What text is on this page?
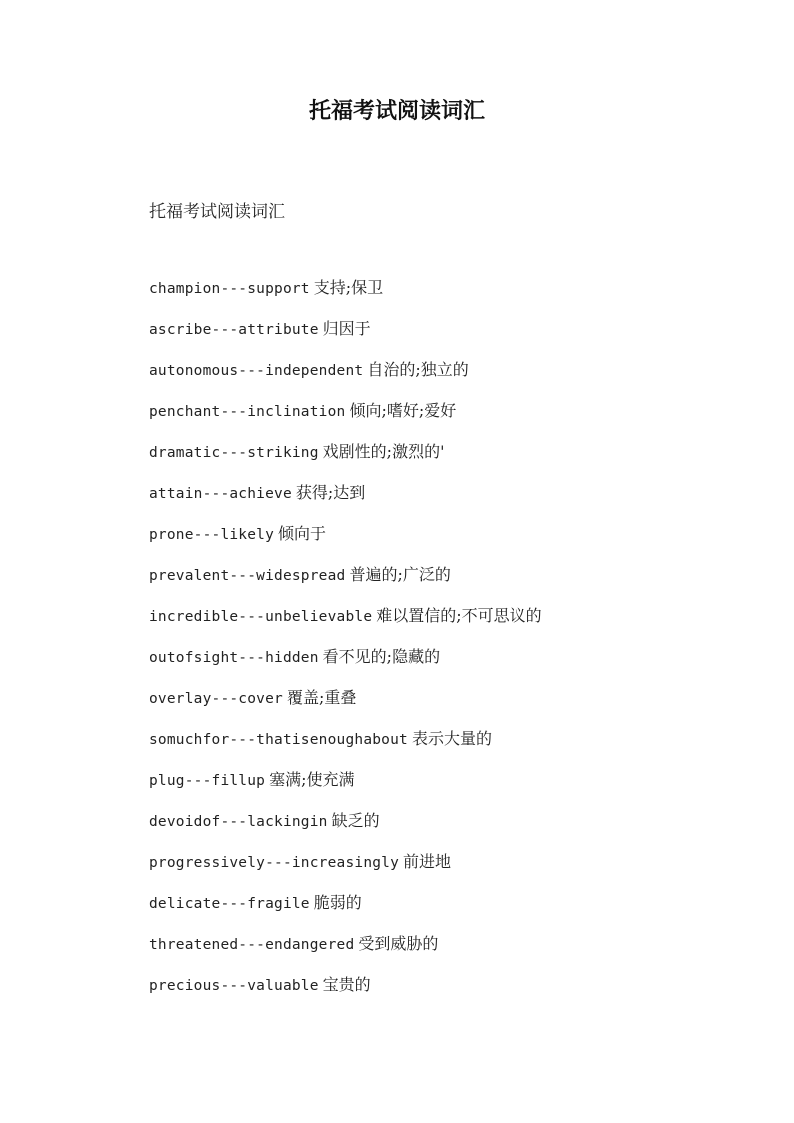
托福考试阅读词汇

托福考试阅读词汇

champion---support 支持;保卫
ascribe---attribute 归因于
autonomous---independent 自治的;独立的
penchant---inclination 倾向;嗜好;爱好
dramatic---striking 戏剧性的;激烈的'
attain---achieve 获得;达到
prone---likely 倾向于
prevalent---widespread 普遍的;广泛的
incredible---unbelievable 难以置信的;不可思议的
outofsight---hidden 看不见的;隐藏的
overlay---cover 覆盖;重叠
somuchfor---thatisenoughabout 表示大量的
plug---fillup 塞满;使充满
devoidof---lackingin 缺乏的
progressively---increasingly 前进地
delicate---fragile 脆弱的
threatened---endangered 受到威胁的
precious---valuable 宝贵的
